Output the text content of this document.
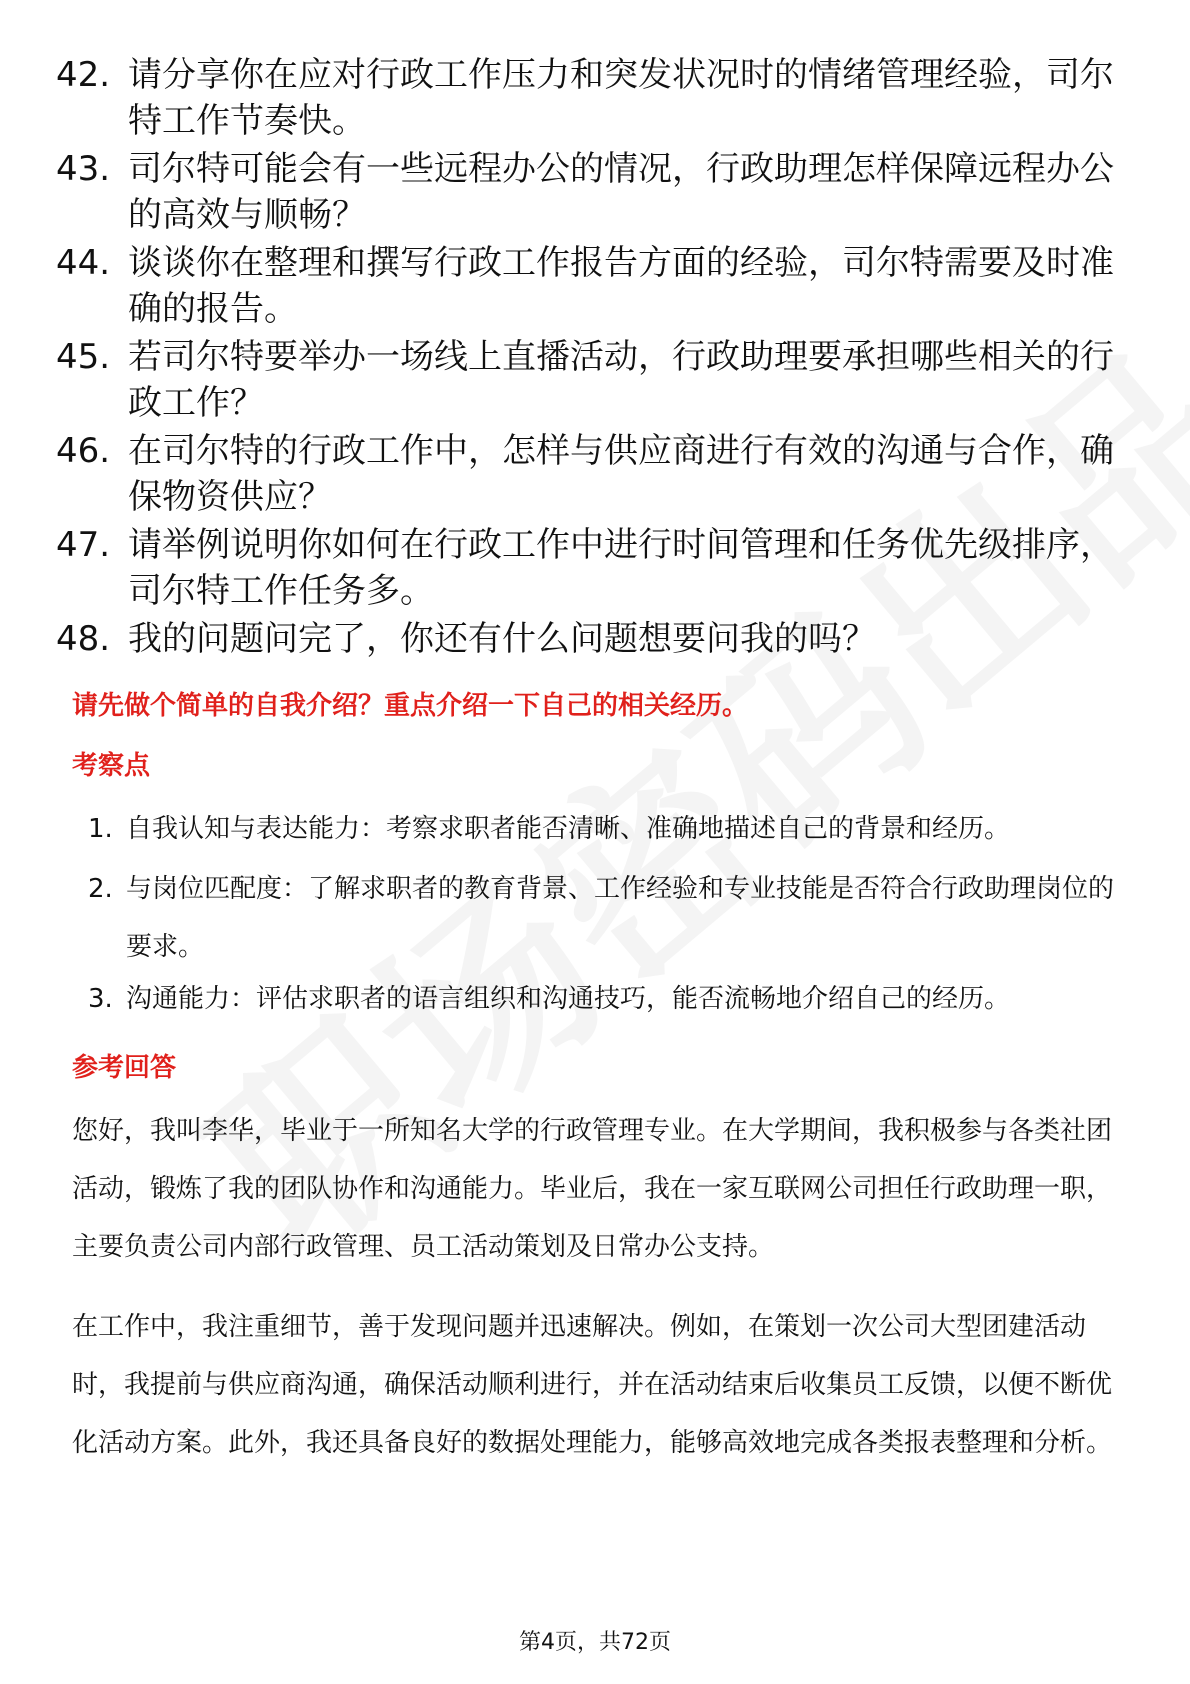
42. 请分享你在应对行政工作压力和突发状况时的情绪管理经验，司尔特工作节奏快。
43. 司尔特可能会有一些远程办公的情况，行政助理怎样保障远程办公的高效与顺畅？
44. 谈谈你在整理和撰写行政工作报告方面的经验，司尔特需要及时准确的报告。
45. 若司尔特要举办一场线上直播活动，行政助理要承担哪些相关的行政工作？
46. 在司尔特的行政工作中，怎样与供应商进行有效的沟通与合作，确保物资供应？
47. 请举例说明你如何在行政工作中进行时间管理和任务优先级排序，司尔特工作任务多。
48. 我的问题问完了，你还有什么问题想要问我的吗？
请先做个简单的自我介绍？重点介绍一下自己的相关经历。
考察点
1. 自我认知与表达能力：考察求职者能否清晰、准确地描述自己的背景和经历。
2. 与岗位匹配度：了解求职者的教育背景、工作经验和专业技能是否符合行政助理岗位的要求。
3. 沟通能力：评估求职者的语言组织和沟通技巧，能否流畅地介绍自己的经历。
参考回答
您好，我叫李华，毕业于一所知名大学的行政管理专业。在大学期间，我积极参与各类社团活动，锻炼了我的团队协作和沟通能力。毕业后，我在一家互联网公司担任行政助理一职，主要负责公司内部行政管理、员工活动策划及日常办公支持。
在工作中，我注重细节，善于发现问题并迅速解决。例如，在策划一次公司大型团建活动时，我提前与供应商沟通，确保活动顺利进行，并在活动结束后收集员工反馈，以便不断优化活动方案。此外，我还具备良好的数据处理能力，能够高效地完成各类报表整理和分析。
第4页，共72页
